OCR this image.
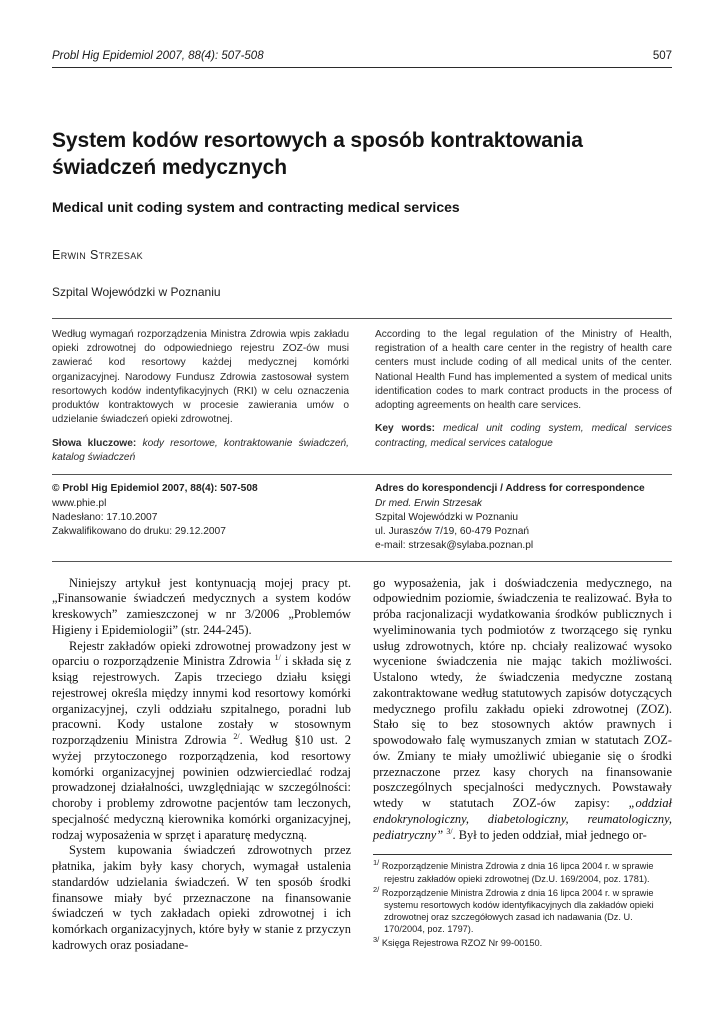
Probl Hig Epidemiol 2007, 88(4): 507-508	507
System kodów resortowych a sposób kontraktowania świadczeń medycznych
Medical unit coding system and contracting medical services
Erwin Strzesak
Szpital Wojewódzki w Poznaniu

Według wymagań rozporządzenia Ministra Zdrowia wpis zakładu opieki zdrowotnej do odpowiedniego rejestru ZOZ-ów musi zawierać kod resortowy każdej medycznej komórki organizacyjnej. Narodowy Fundusz Zdrowia zastosował system resortowych kodów indentyfikacyjnych (RKI) w celu oznaczenia produktów kontraktowych w procesie zawierania umów o udzielanie świadczeń opieki zdrowotnej.

Słowa kluczowe: kody resortowe, kontraktowanie świadczeń, katalog świadczeń

According to the legal regulation of the Ministry of Health, registration of a health care center in the registry of health care centers must include coding of all medical units of the center. National Health Fund has implemented a system of medical units identification codes to mark contract products in the process of adopting agreements on health care services.

Key words: medical unit coding system, medical services contracting, medical services catalogue

© Probl Hig Epidemiol 2007, 88(4): 507-508
www.phie.pl
Nadesłano: 17.10.2007
Zakwalifikowano do druku: 29.12.2007
Adres do korespondencji / Address for correspondence
Dr med. Erwin Strzesak
Szpital Wojewódzki w Poznaniu
ul. Juraszów 7/19, 60-479 Poznań
e-mail: strzesak@sylaba.poznan.pl

Niniejszy artykuł jest kontynuacją mojej pracy pt. „Finansowanie świadczeń medycznych a system kodów kreskowych” zamieszczonej w nr 3/2006 „Problemów Higieny i Epidemiologii” (str. 244-245).

Rejestr zakładów opieki zdrowotnej prowadzony jest w oparciu o rozporządzenie Ministra Zdrowia $^{1/}$ i składa się z ksiąg rejestrowych. Zapis trzeciego działu księgi rejestrowej określa między innymi kod resortowy komórki organizacyjnej, czyli oddziału szpitalnego, poradni lub pracowni. Kody ustalone zostały w stosownym rozporządzeniu Ministra Zdrowia $^{2/}$. Według §10 ust. 2 wyżej przytoczonego rozporządzenia, kod resortowy komórki organizacyjnej powinien odzwierciedlać rodzaj prowadzonej działalności, uwzględniając w szczególności: choroby i problemy zdrowotne pacjentów tam leczonych, specjalność medyczną kierownika komórki organizacyjnej, rodzaj wyposażenia w sprzęt i aparaturę medyczną.

System kupowania świadczeń zdrowotnych przez płatnika, jakim były kasy chorych, wymagał ustalenia standardów udzielania świadczeń. W ten sposób środki finansowe miały być przeznaczone na finansowanie świadczeń w tych zakładach opieki zdrowotnej i ich komórkach organizacyjnych, które były w stanie z przyczyn kadrowych oraz posiadane-

go wyposażenia, jak i doświadczenia medycznego, na odpowiednim poziomie, świadczenia te realizować. Była to próba racjonalizacji wydatkowania środków publicznych i wyeliminowania tych podmiotów z tworzącego się rynku usług zdrowotnych, które np. chciały realizować wysoko wycenione świadczenia nie mając takich możliwości. Ustalono wtedy, że świadczenia medyczne zostaną zakontraktowane według statutowych zapisów dotyczących medycznego profilu zakładu opieki zdrowotnej (ZOZ). Stało się to bez stosownych aktów prawnych i spowodowało falę wymuszanych zmian w statutach ZOZ-ów. Zmiany te miały umożliwić ubieganie się o środki przeznaczone przez kasy chorych na finansowanie poszczególnych specjalności medycznych. Powstawały wtedy w statutach ZOZ-ów zapisy: „oddział endokrynologiczny, diabetologiczny, reumatologiczny, pediatryczny” $^{3/}$. Był to jeden oddział, miał jednego or-

$^{1/}$ Rozporządzenie Ministra Zdrowia z dnia 16 lipca 2004 r. w sprawie rejestru zakładów opieki zdrowotnej (Dz.U. 169/2004, poz. 1781).
$^{2/}$ Rozporządzenie Ministra Zdrowia z dnia 16 lipca 2004 r. w sprawie systemu resortowych kodów identyfikacyjnych dla zakładów opieki zdrowotnej oraz szczegółowych zasad ich nadawania (Dz. U. 170/2004, poz. 1797).
$^{3/}$ Księga Rejestrowa RZOZ Nr 99-00150.
